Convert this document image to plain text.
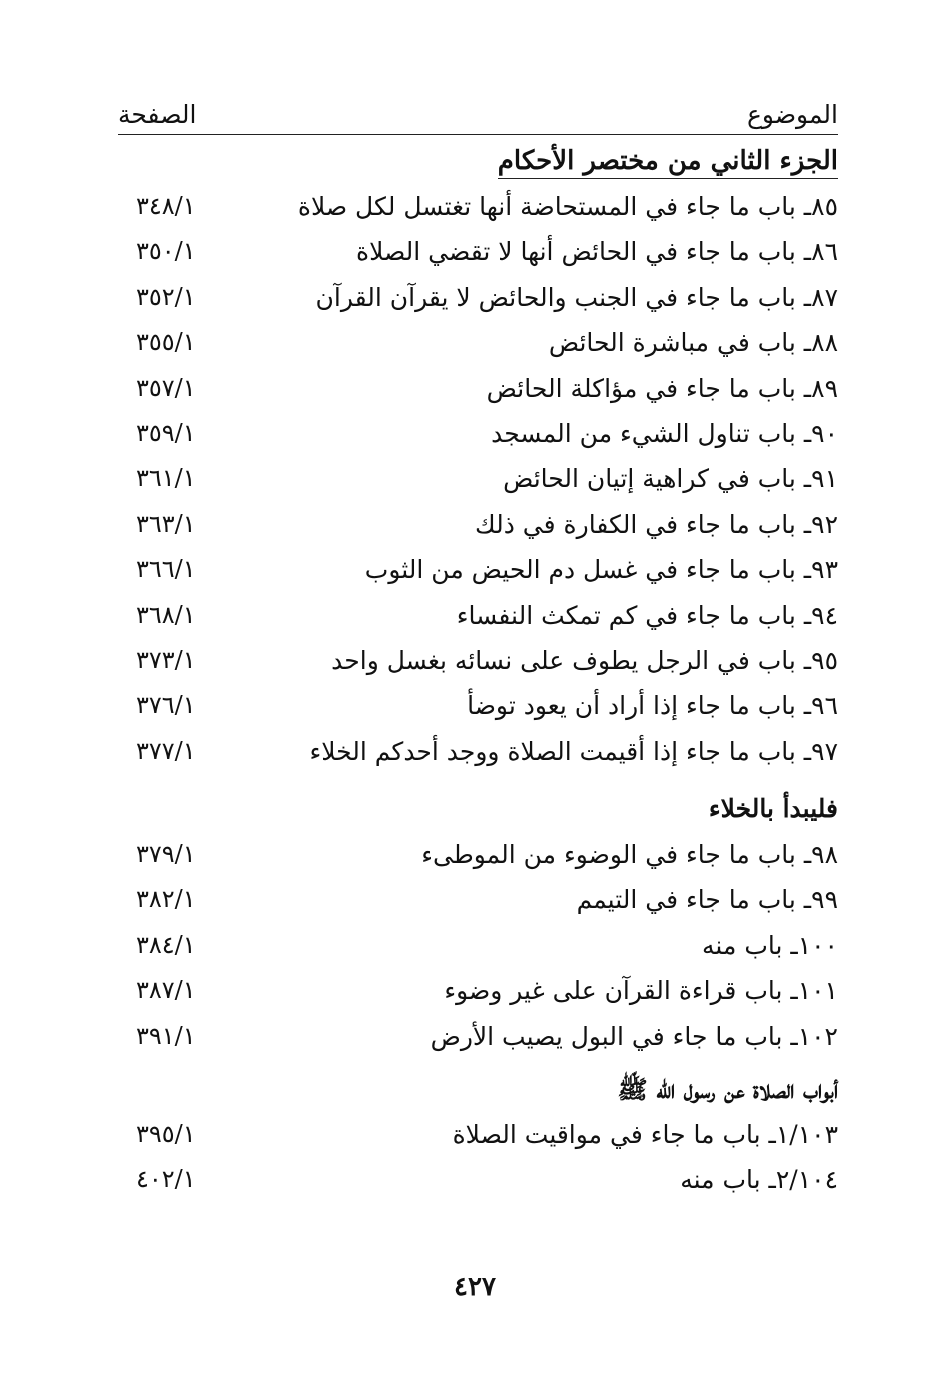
الموضوع
الصفحة
الجزء الثاني من مختصر الأحكام
٨٥ـ باب ما جاء في المستحاضة أنها تغتسل لكل صلاة
٣٤٨/١
٨٦ـ باب ما جاء في الحائض أنها لا تقضي الصلاة
٣٥٠/١
٨٧ـ باب ما جاء في الجنب والحائض لا يقرآن القرآن
٣٥٢/١
٨٨ـ باب في مباشرة الحائض
٣٥٥/١
٨٩ـ باب ما جاء في مؤاكلة الحائض
٣٥٧/١
٩٠ـ باب تناول الشيء من المسجد
٣٥٩/١
٩١ـ باب في كراهية إتيان الحائض
٣٦١/١
٩٢ـ باب ما جاء في الكفارة في ذلك
٣٦٣/١
٩٣ـ باب ما جاء في غسل دم الحيض من الثوب
٣٦٦/١
٩٤ـ باب ما جاء في كم تمكث النفساء
٣٦٨/١
٩٥ـ باب في الرجل يطوف على نسائه بغسل واحد
٣٧٣/١
٩٦ـ باب ما جاء إذا أراد أن يعود توضأ
٣٧٦/١
٩٧ـ باب ما جاء إذا أقيمت الصلاة ووجد أحدكم الخلاء
٣٧٧/١
فليبدأ بالخلاء
٩٨ـ باب ما جاء في الوضوء من الموطىء
٣٧٩/١
٩٩ـ باب ما جاء في التيمم
٣٨٢/١
١٠٠ـ باب منه
٣٨٤/١
١٠١ـ باب قراءة القرآن على غير وضوء
٣٨٧/١
١٠٢ـ باب ما جاء في البول يصيب الأرض
٣٩١/١
أبواب الصلاة عن رسول الله ﷺ
١/١٠٣ـ باب ما جاء في مواقيت الصلاة
٣٩٥/١
٢/١٠٤ـ باب منه
٤٠٢/١
٤٢٧
